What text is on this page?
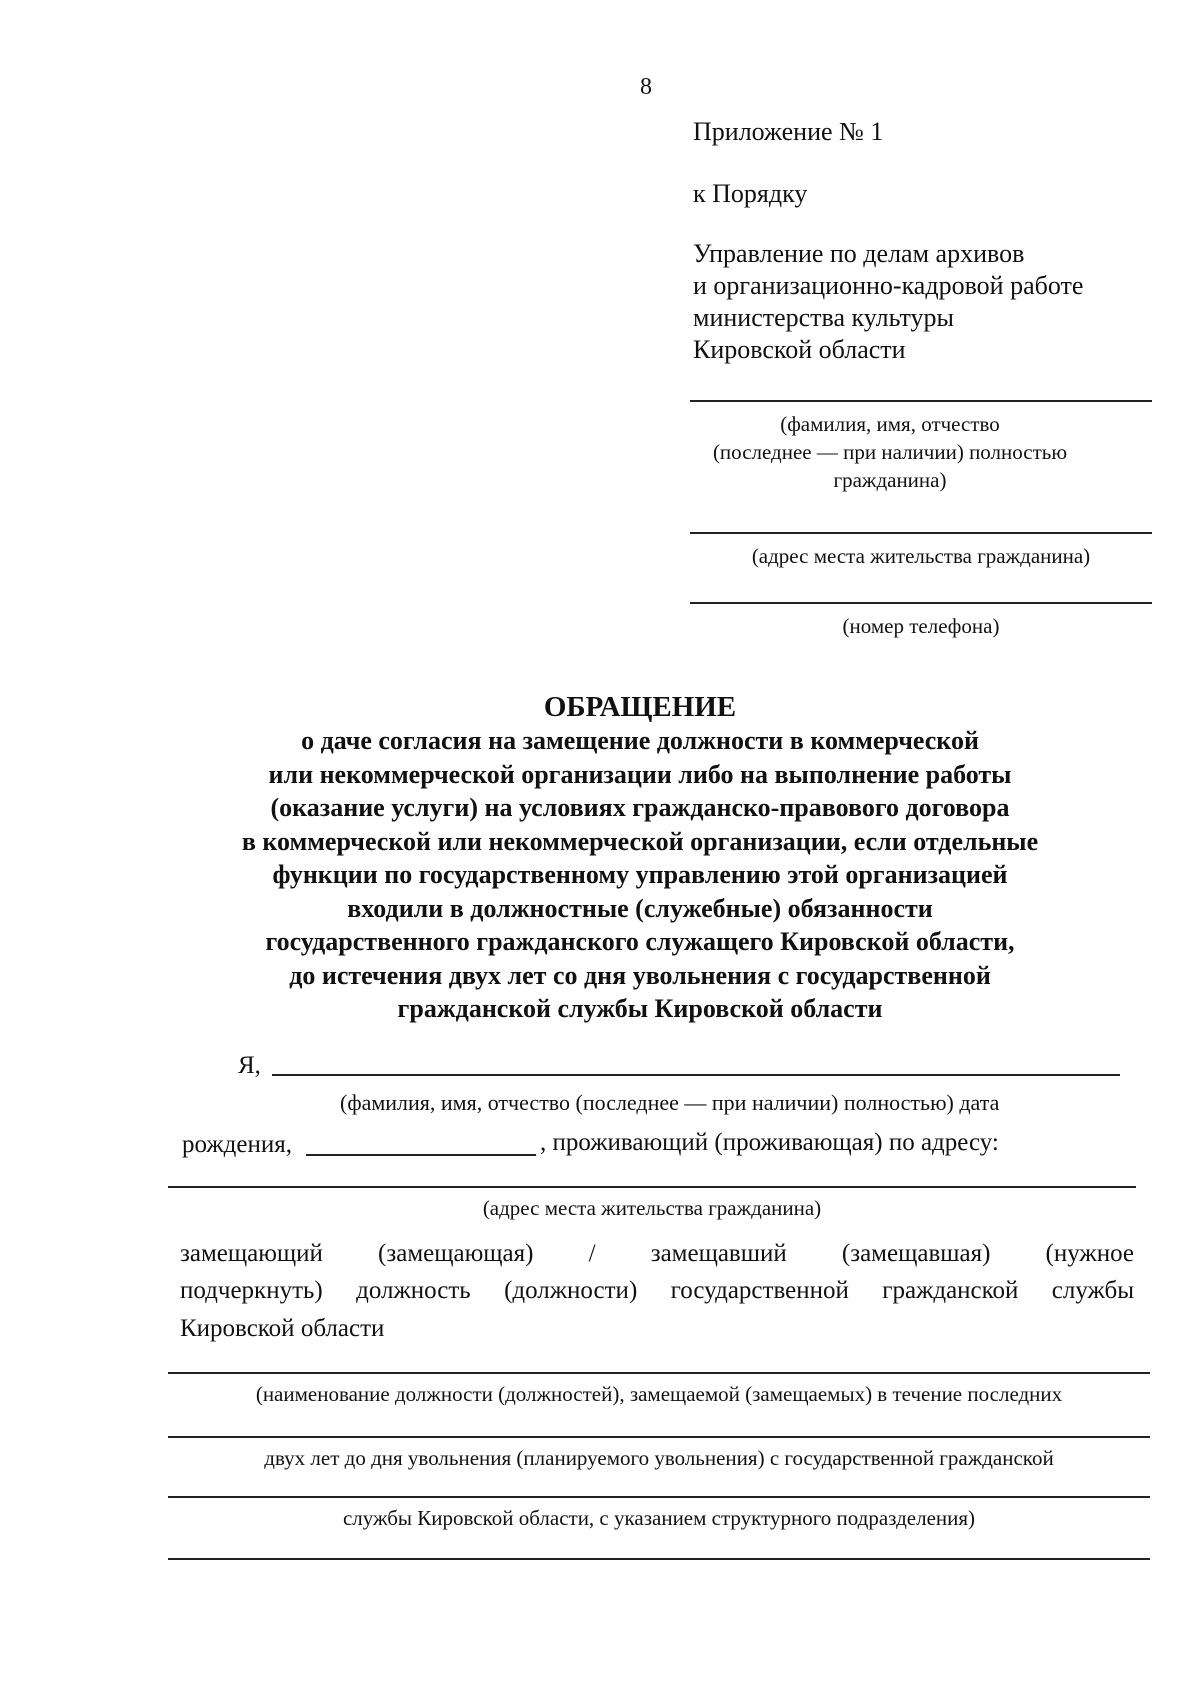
8
Приложение № 1
к Порядку
Управление по делам архивов
и организационно-кадровой работе
министерства культуры
Кировской области
(фамилия, имя, отчество
(последнее — при наличии) полностью
гражданина)
(адрес места жительства гражданина)
(номер телефона)
ОБРАЩЕНИЕ
о даче согласия на замещение должности в коммерческой
или некоммерческой организации либо на выполнение работы
(оказание услуги) на условиях гражданско-правового договора
в коммерческой или некоммерческой организации, если отдельные
функции по государственному управлению этой организацией
входили в должностные (служебные) обязанности
государственного гражданского служащего Кировской области,
до истечения двух лет со дня увольнения с государственной
гражданской службы Кировской области
Я,
(фамилия, имя, отчество (последнее — при наличии) полностью) дата
рождения,	, проживающий (проживающая) по адресу:
(адрес места жительства гражданина)
замещающий (замещающая) / замещавший (замещавшая) (нужное
подчеркнуть) должность (должности) государственной гражданской службы
Кировской области
(наименование должности (должностей), замещаемой (замещаемых) в течение последних
двух лет до дня увольнения (планируемого увольнения) с государственной гражданской
службы Кировской области, с указанием структурного подразделения)
